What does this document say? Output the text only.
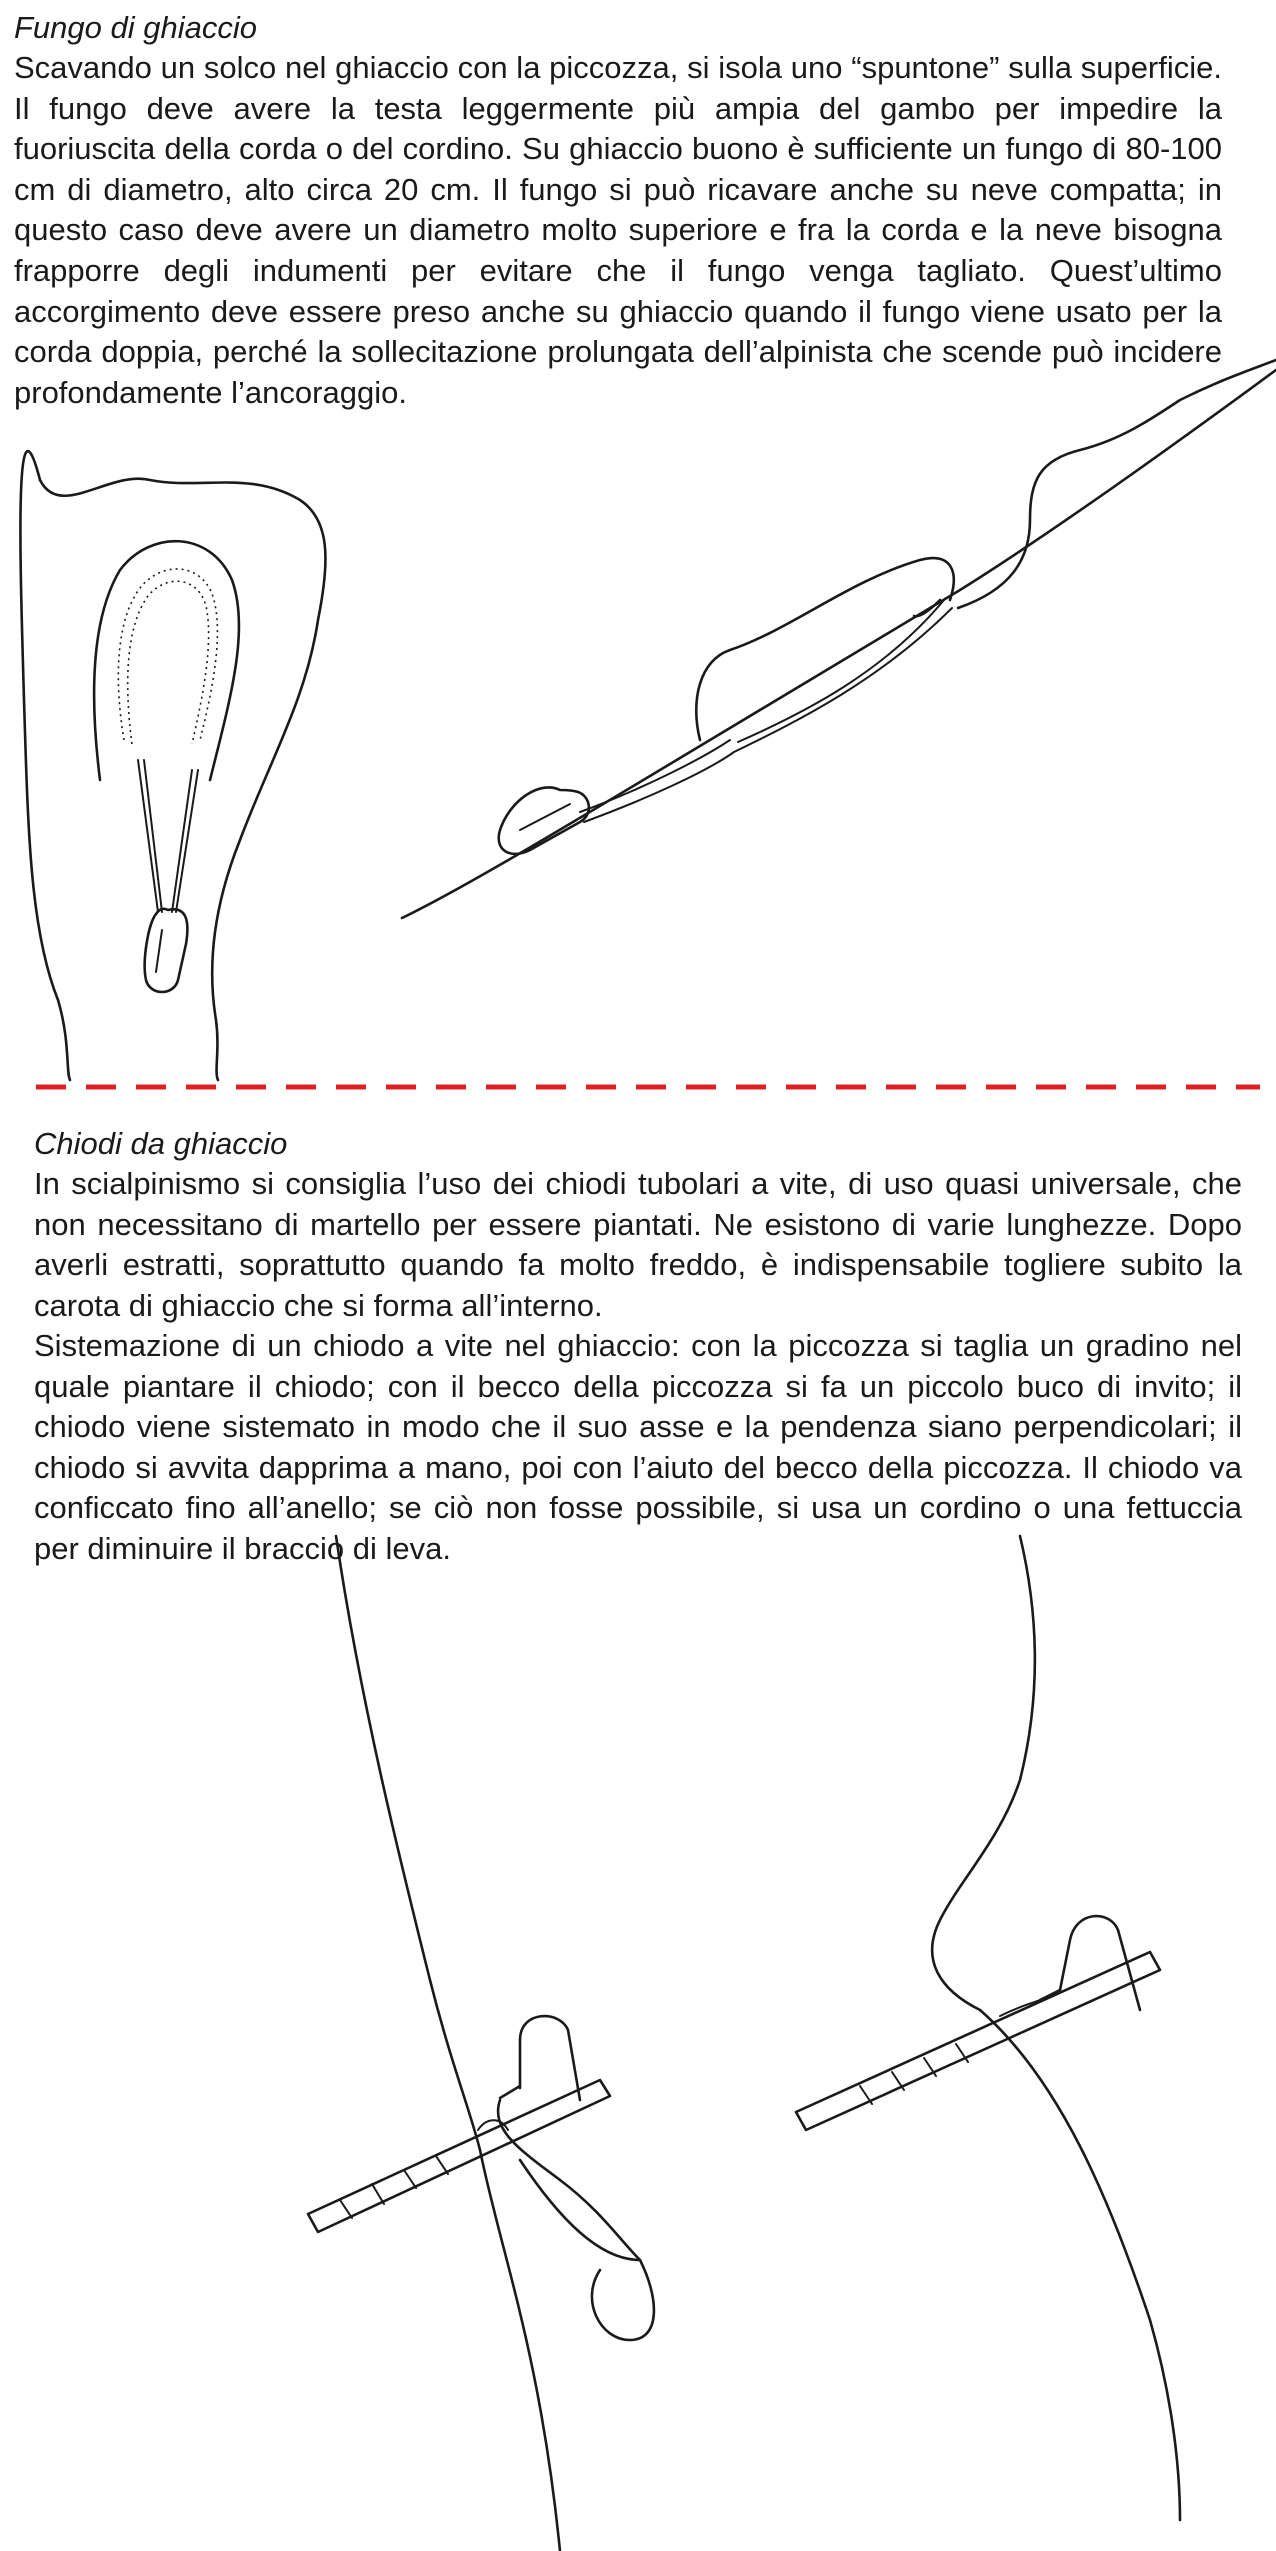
Fungo di ghiaccio

Scavando un solco nel ghiaccio con la piccozza, si isola uno “spuntone” sulla superficie. Il fungo deve avere la testa leggermente più ampia del gambo per impedire la fuoriuscita della corda o del cordino. Su ghiaccio buono è sufficiente un fungo di 80-100 cm di diametro, alto circa 20 cm. Il fungo si può ricavare anche su neve compatta; in questo caso deve avere un diametro molto superiore e fra la corda e la neve bisogna frapporre degli indumenti per evitare che il fungo venga tagliato. Quest’ultimo accorgimento deve essere preso anche su ghiaccio quando il fungo viene usato per la corda doppia, perché la sollecitazione prolungata dell’alpinista che scende può incidere profondamente l’ancoraggio.

Chiodi da ghiaccio

In scialpinismo si consiglia l’uso dei chiodi tubolari a vite, di uso quasi universale, che non necessitano di martello per essere piantati. Ne esistono di varie lunghezze. Dopo averli estratti, soprattutto quando fa molto freddo, è indispensabile togliere subito la carota di ghiaccio che si forma all’interno.

Sistemazione di un chiodo a vite nel ghiaccio: con la piccozza si taglia un gradino nel quale piantare il chiodo; con il becco della piccozza si fa un piccolo buco di invito; il chiodo viene sistemato in modo che il suo asse e la pendenza siano perpendicolari; il chiodo si avvita dapprima a mano, poi con l’aiuto del becco della piccozza. Il chiodo va conficcato fino all’anello; se ciò non fosse possibile, si usa un cordino o una fettuccia per diminuire il braccio di leva.
